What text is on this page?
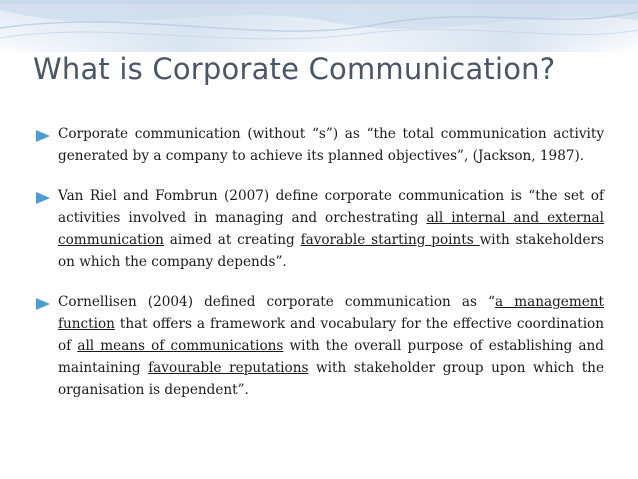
What is Corporate Communication?
Corporate communication (without “s”) as “the total communication activity generated by a company to achieve its planned objectives”, (Jackson, 1987).
Van Riel and Fombrun (2007) define corporate communication is “the set of activities involved in managing and orchestrating all internal and external communication aimed at creating favorable starting points with stakeholders on which the company depends”.
Cornellisen (2004) defined corporate communication as “a management function that offers a framework and vocabulary for the effective coordination of all means of communications with the overall purpose of establishing and maintaining favourable reputations with stakeholder group upon which the organisation is dependent”.
